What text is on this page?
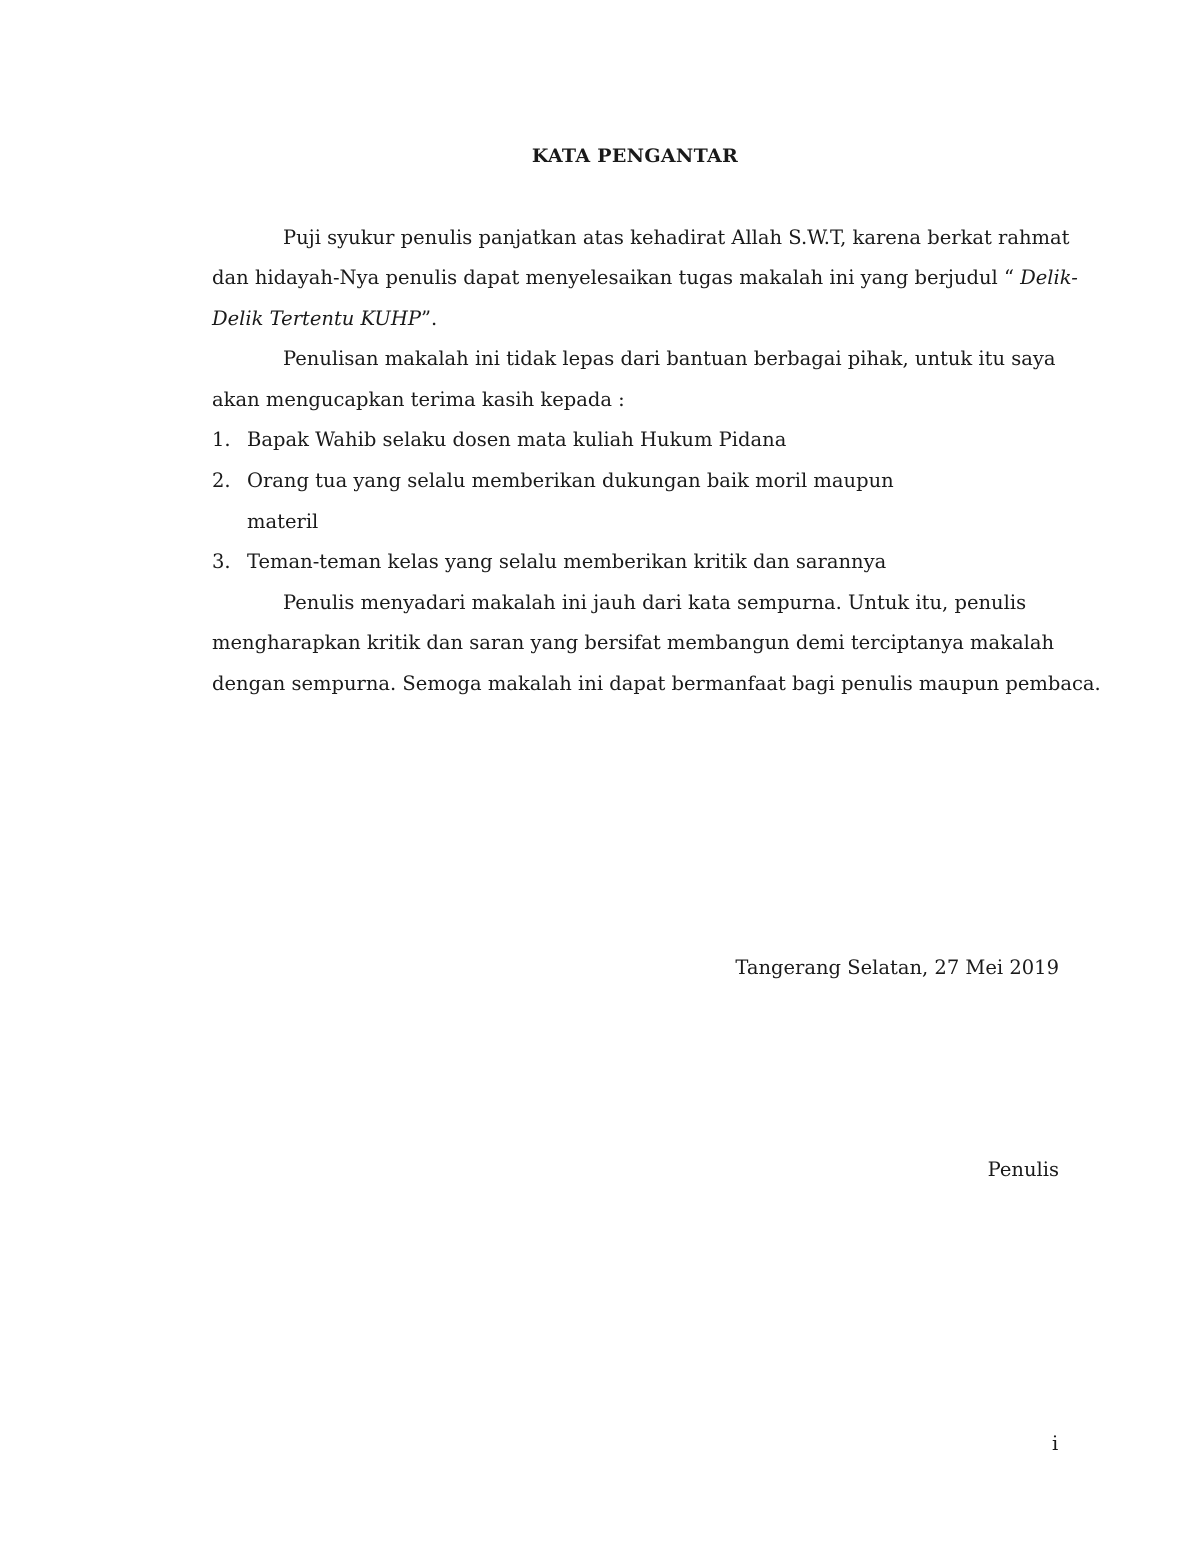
KATA PENGANTAR
Puji syukur penulis panjatkan atas kehadirat Allah S.W.T, karena berkat rahmat
dan hidayah-Nya penulis dapat menyelesaikan tugas makalah ini yang berjudul “ Delik-
Delik Tertentu KUHP”.
Penulisan makalah ini tidak lepas dari bantuan berbagai pihak, untuk itu saya
akan mengucapkan terima kasih kepada :
1. Bapak Wahib selaku dosen mata kuliah Hukum Pidana
2. Orang tua yang selalu memberikan dukungan baik moril maupun
materil
3. Teman-teman kelas yang selalu memberikan kritik dan sarannya
Penulis menyadari makalah ini jauh dari kata sempurna. Untuk itu, penulis
mengharapkan kritik dan saran yang bersifat membangun demi terciptanya makalah
dengan sempurna. Semoga makalah ini dapat bermanfaat bagi penulis maupun pembaca.
Tangerang Selatan, 27 Mei 2019
Penulis
i
